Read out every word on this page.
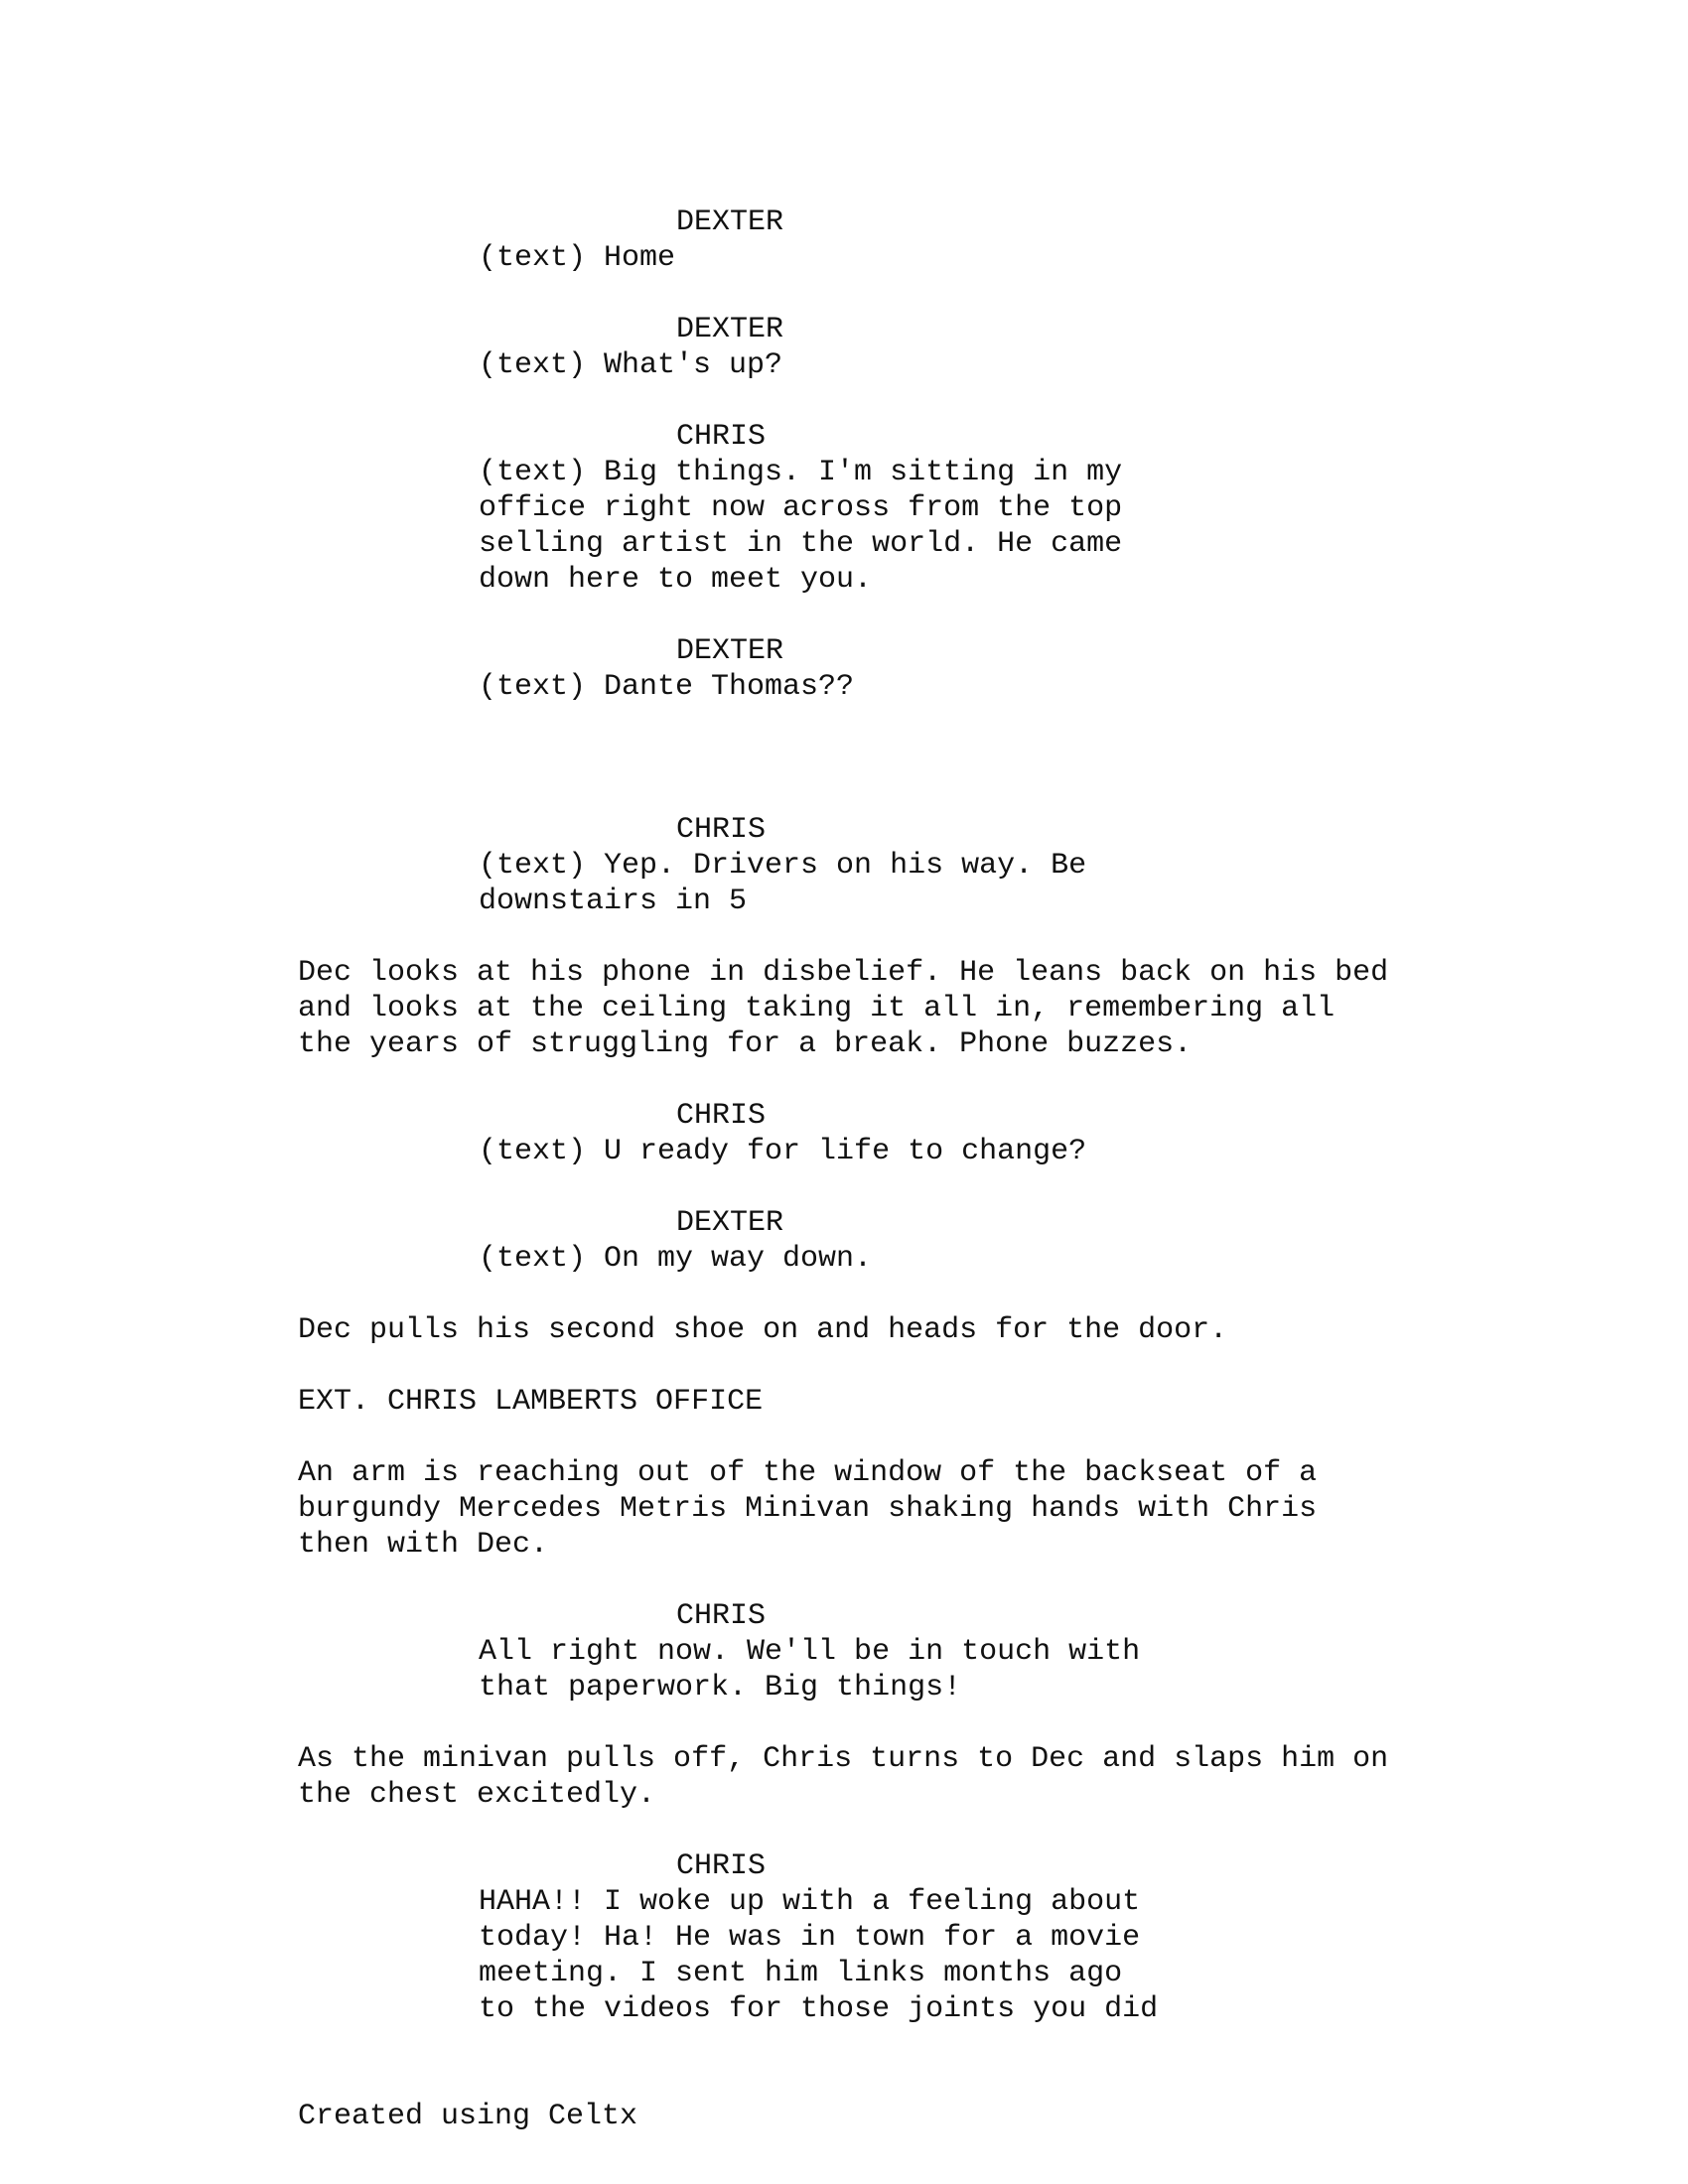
DEXTER
(text) Home
DEXTER
(text) What's up?
CHRIS
(text) Big things. I'm sitting in my
office right now across from the top
selling artist in the world. He came
down here to meet you.
DEXTER
(text) Dante Thomas??
CHRIS
(text) Yep. Drivers on his way. Be
downstairs in 5
Dec looks at his phone in disbelief. He leans back on his bed
and looks at the ceiling taking it all in, remembering all
the years of struggling for a break. Phone buzzes.
CHRIS
(text) U ready for life to change?
DEXTER
(text) On my way down.
Dec pulls his second shoe on and heads for the door.
EXT. CHRIS LAMBERTS OFFICE
An arm is reaching out of the window of the backseat of a
burgundy Mercedes Metris Minivan shaking hands with Chris
then with Dec.
CHRIS
All right now. We'll be in touch with
that paperwork. Big things!
As the minivan pulls off, Chris turns to Dec and slaps him on
the chest excitedly.
CHRIS
HAHA!! I woke up with a feeling about
today! Ha! He was in town for a movie
meeting. I sent him links months ago
to the videos for those joints you did
Created using Celtx
